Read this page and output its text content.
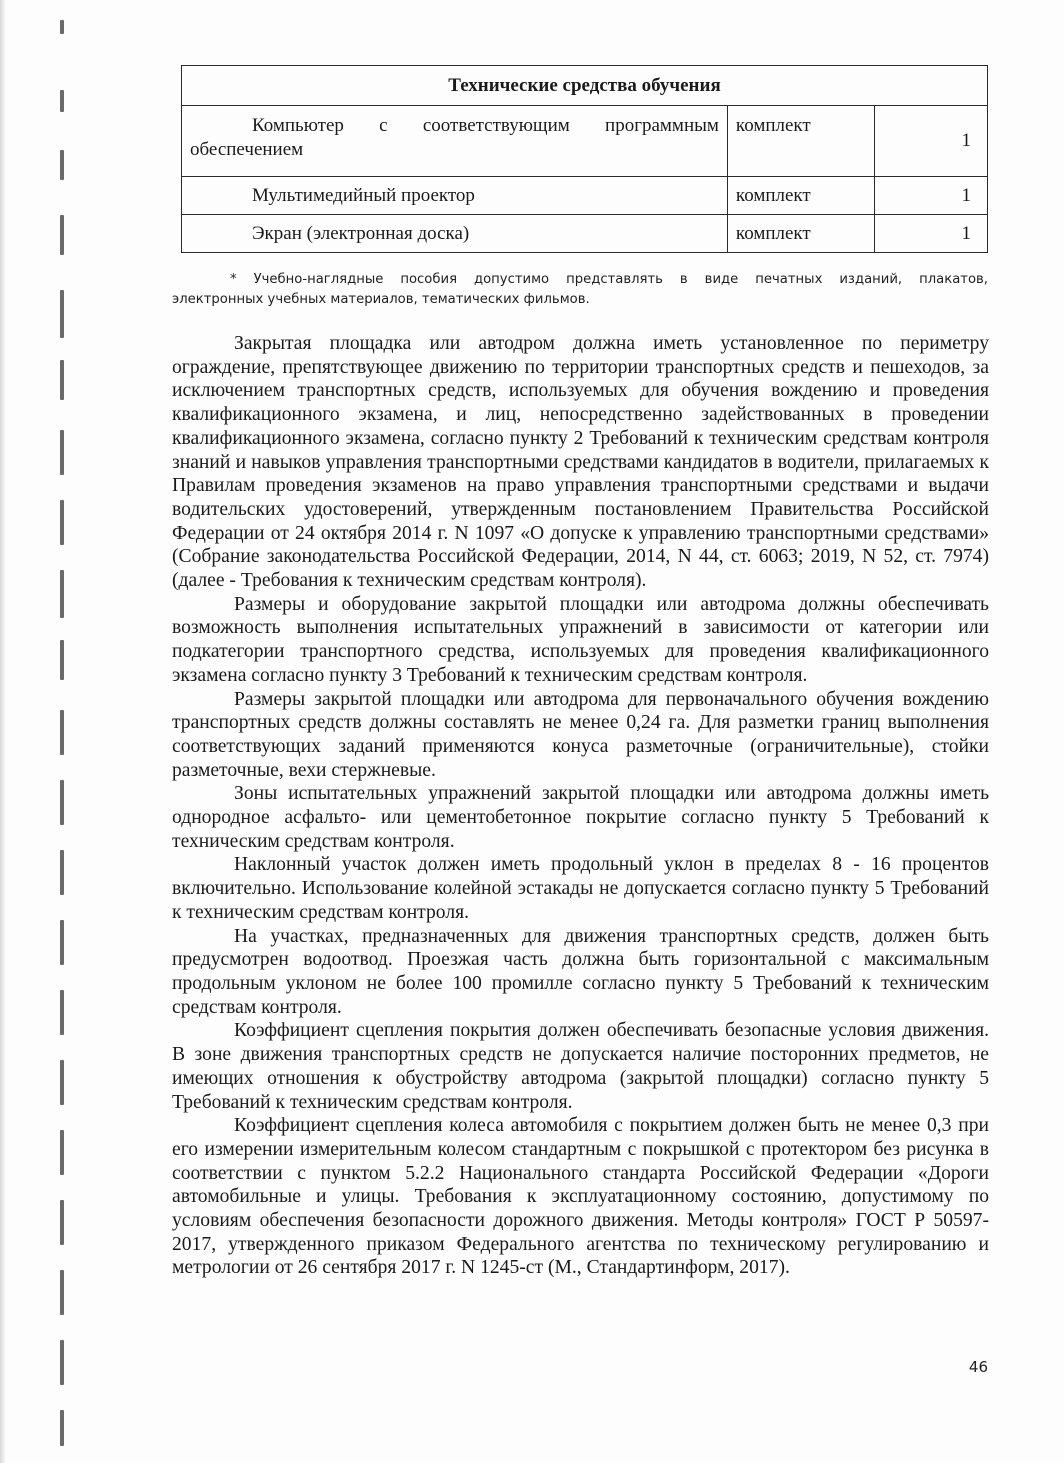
Технические средства обучения		

Компьютер с соответствующим программным
обеспечением	комплект	1
Мультимедийный проектор	комплект	1
Экран (электронная доска)	комплект	1
* Учебно-наглядные пособия допустимо представлять в виде печатных изданий, плакатов,
электронных учебных материалов, тематических фильмов.

Закрытая площадка или автодром должна иметь установленное по периметру ограждение, препятствующее движению по территории транспортных средств и пешеходов, за исключением транспортных средств, используемых для обучения вождению и проведения квалификационного экзамена, и лиц, непосредственно задействованных в проведении квалификационного экзамена, согласно пункту 2 Требований к техническим средствам контроля знаний и навыков управления транспортными средствами кандидатов в водители, прилагаемых к Правилам проведения экзаменов на право управления транспортными средствами и выдачи водительских удостоверений, утвержденным постановлением Правительства Российской Федерации от 24 октября 2014 г. N 1097 «О допуске к управлению транспортными средствами» (Собрание законодательства Российской Федерации, 2014, N 44, ст. 6063; 2019, N 52, ст. 7974) (далее - Требования к техническим средствам контроля).

Размеры и оборудование закрытой площадки или автодрома должны обеспечивать возможность выполнения испытательных упражнений в зависимости от категории или подкатегории транспортного средства, используемых для проведения квалификационного экзамена согласно пункту 3 Требований к техническим средствам контроля.

Размеры закрытой площадки или автодрома для первоначального обучения вождению транспортных средств должны составлять не менее 0,24 га. Для разметки границ выполнения соответствующих заданий применяются конуса разметочные (ограничительные), стойки разметочные, вехи стержневые.

Зоны испытательных упражнений закрытой площадки или автодрома должны иметь однородное асфальто- или цементобетонное покрытие согласно пункту 5 Требований к техническим средствам контроля.

Наклонный участок должен иметь продольный уклон в пределах 8 - 16 процентов включительно. Использование колейной эстакады не допускается согласно пункту 5 Требований к техническим средствам контроля.

На участках, предназначенных для движения транспортных средств, должен быть предусмотрен водоотвод. Проезжая часть должна быть горизонтальной с максимальным продольным уклоном не более 100 промилле согласно пункту 5 Требований к техническим средствам контроля.

Коэффициент сцепления покрытия должен обеспечивать безопасные условия движения. В зоне движения транспортных средств не допускается наличие посторонних предметов, не имеющих отношения к обустройству автодрома (закрытой площадки) согласно пункту 5 Требований к техническим средствам контроля.

Коэффициент сцепления колеса автомобиля с покрытием должен быть не менее 0,3 при его измерении измерительным колесом стандартным с покрышкой с протектором без рисунка в соответствии с пунктом 5.2.2 Национального стандарта Российской Федерации «Дороги автомобильные и улицы. Требования к эксплуатационному состоянию, допустимому по условиям обеспечения безопасности дорожного движения. Методы контроля» ГОСТ Р 50597-2017, утвержденного приказом Федерального агентства по техническому регулированию и метрологии от 26 сентября 2017 г. N 1245-ст (М., Стандартинформ, 2017).

46
